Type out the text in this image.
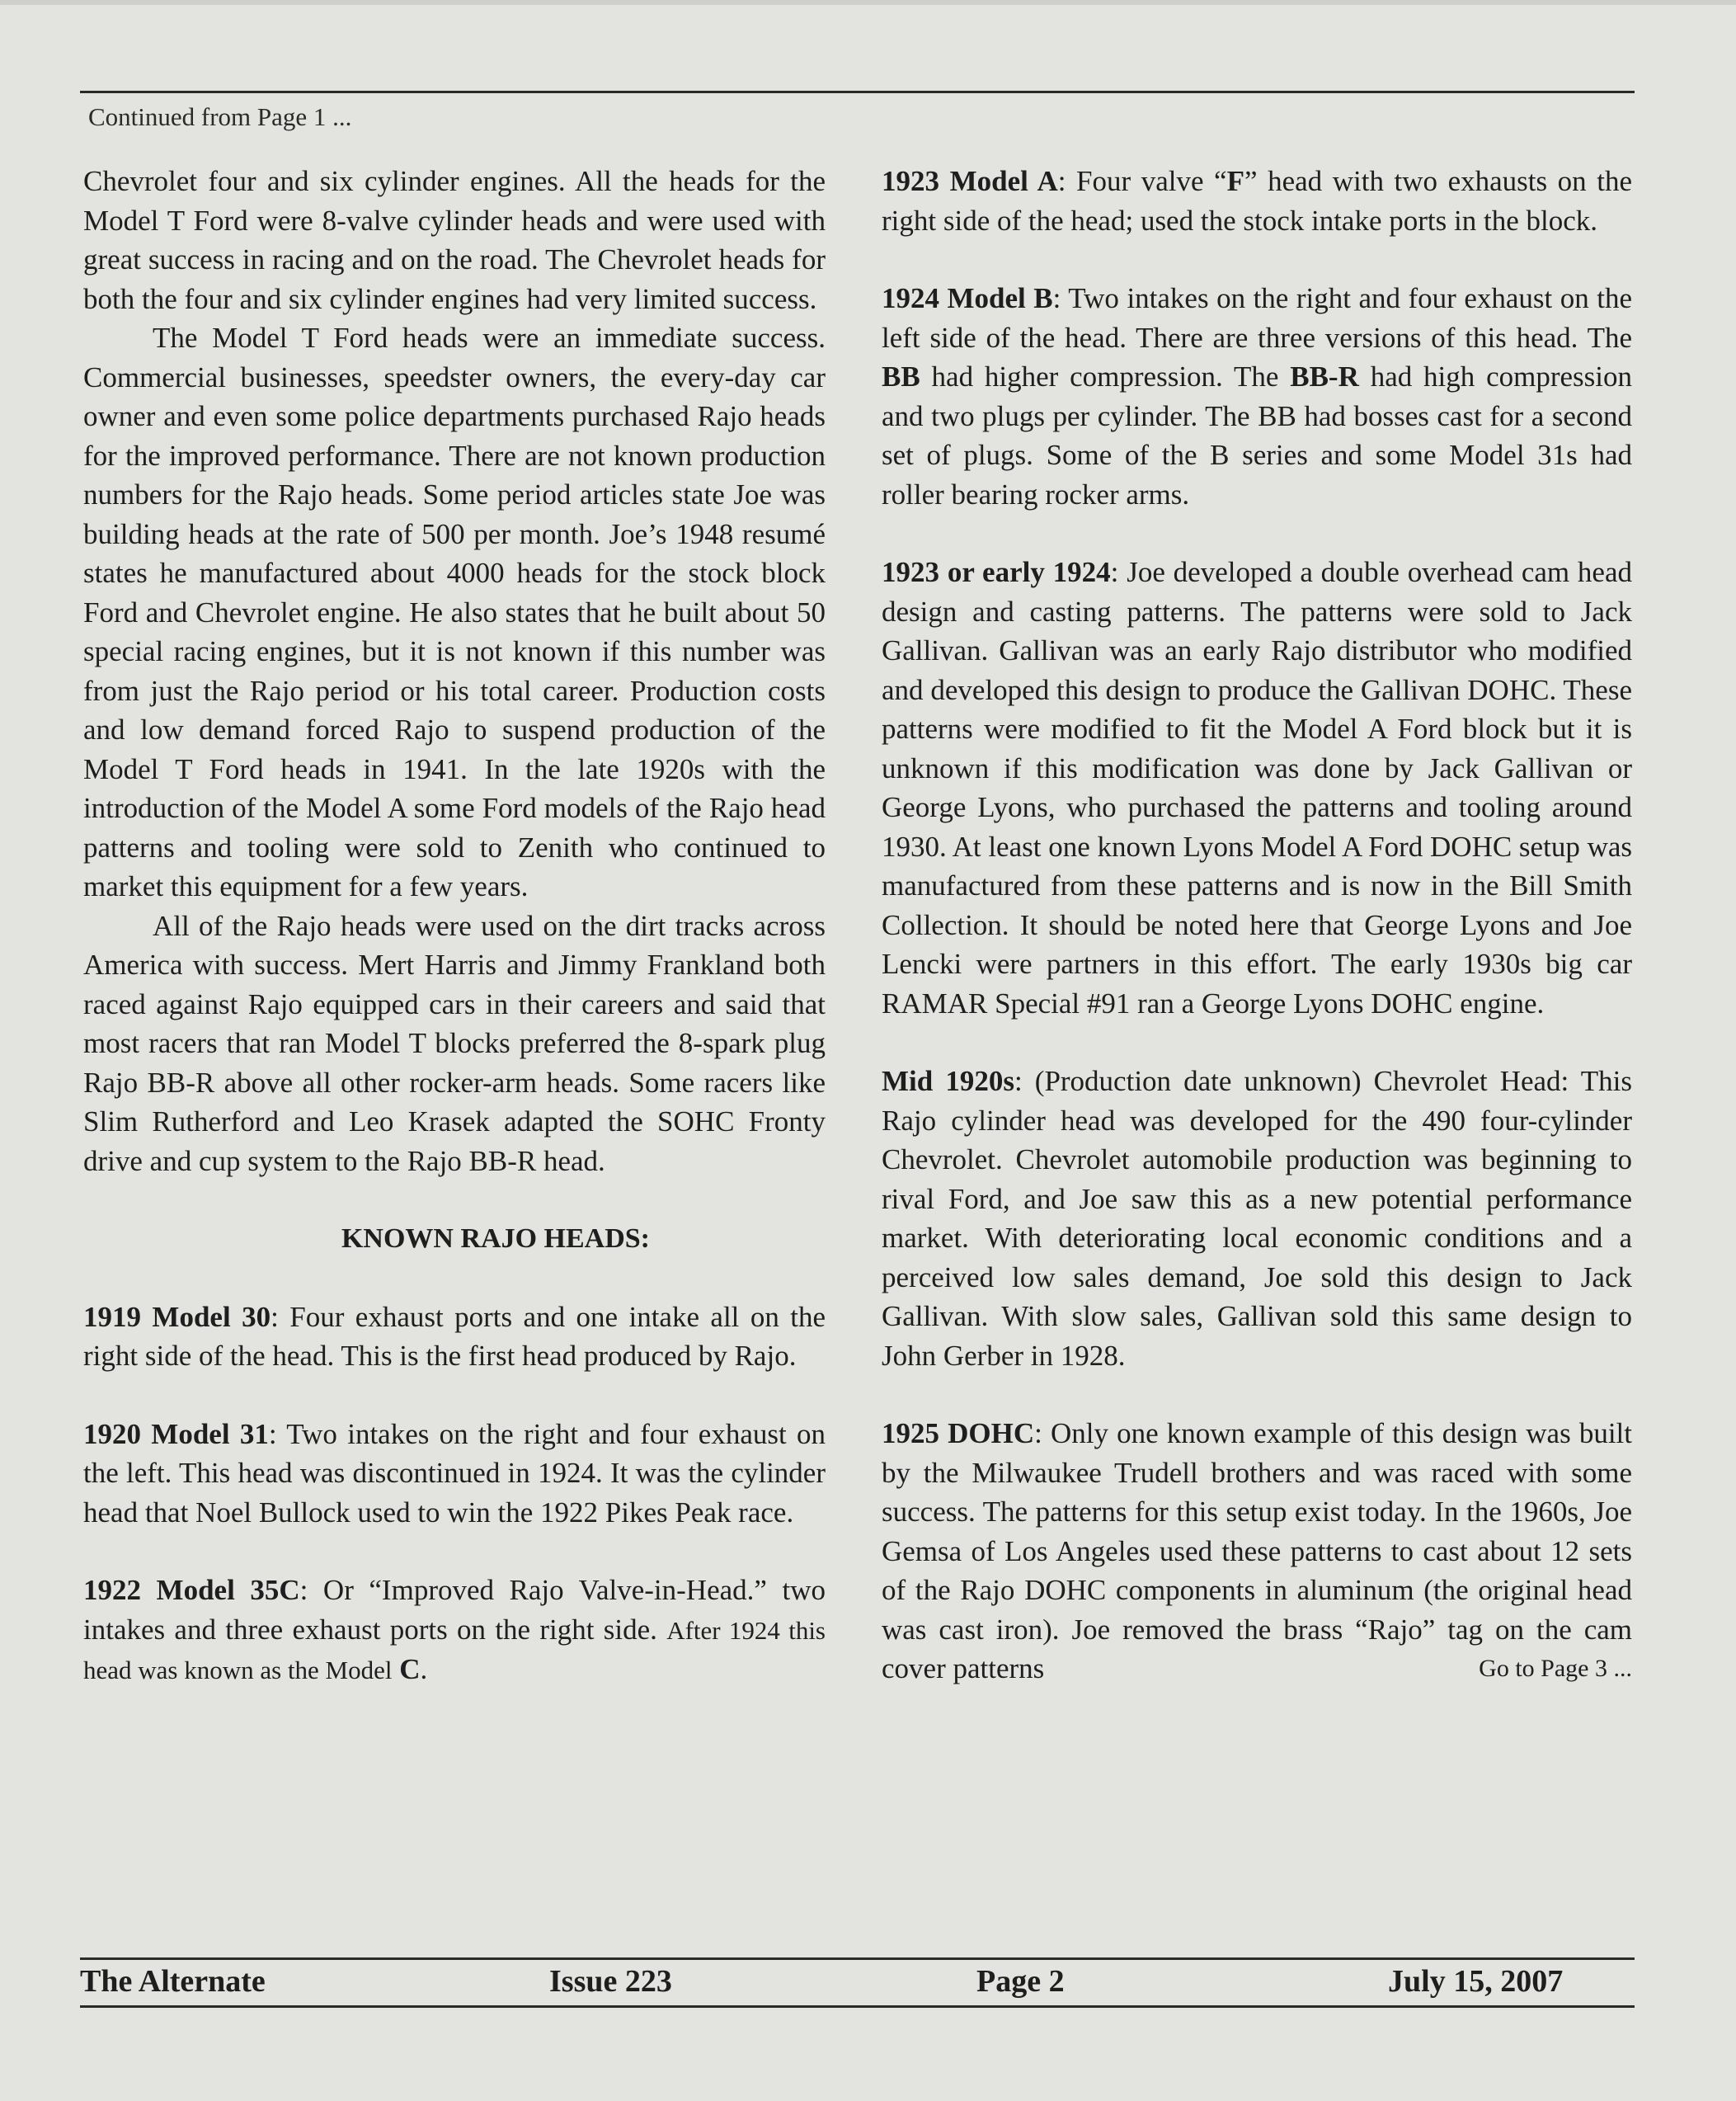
Continued from Page 1 ...

Chevrolet four and six cylinder engines. All the heads for the Model T Ford were 8-valve cylinder heads and were used with great success in racing and on the road. The Chevrolet heads for both the four and six cylinder engines had very limited success.

The Model T Ford heads were an immediate success. Commercial businesses, speedster owners, the every-day car owner and even some police departments purchased Rajo heads for the improved performance. There are not known production numbers for the Rajo heads. Some period articles state Joe was building heads at the rate of 500 per month. Joe’s 1948 resumé states he manufactured about 4000 heads for the stock block Ford and Chevrolet engine. He also states that he built about 50 special racing engines, but it is not known if this number was from just the Rajo period or his total career. Production costs and low demand forced Rajo to suspend production of the Model T Ford heads in 1941. In the late 1920s with the introduction of the Model A some Ford models of the Rajo head patterns and tooling were sold to Zenith who continued to market this equipment for a few years.

All of the Rajo heads were used on the dirt tracks across America with success. Mert Harris and Jimmy Frankland both raced against Rajo equipped cars in their careers and said that most racers that ran Model T blocks preferred the 8-spark plug Rajo BB-R above all other rocker-arm heads. Some racers like Slim Rutherford and Leo Krasek adapted the SOHC Fronty drive and cup system to the Rajo BB-R head.

KNOWN RAJO HEADS:

1919 Model 30: Four exhaust ports and one intake all on the right side of the head. This is the first head produced by Rajo.

1920 Model 31: Two intakes on the right and four exhaust on the left. This head was discontinued in 1924. It was the cylinder head that Noel Bullock used to win the 1922 Pikes Peak race.

1922 Model 35C: Or “Improved Rajo Valve-in-Head.” two intakes and three exhaust ports on the right side. After 1924 this head was known as the Model C.

1923 Model A: Four valve “F” head with two exhausts on the right side of the head; used the stock intake ports in the block.

1924 Model B: Two intakes on the right and four exhaust on the left side of the head. There are three versions of this head. The BB had higher compression. The BB-R had high compression and two plugs per cylinder. The BB had bosses cast for a second set of plugs. Some of the B series and some Model 31s had roller bearing rocker arms.

1923 or early 1924: Joe developed a double overhead cam head design and casting patterns. The patterns were sold to Jack Gallivan. Gallivan was an early Rajo distributor who modified and developed this design to produce the Gallivan DOHC. These patterns were modified to fit the Model A Ford block but it is unknown if this modification was done by Jack Gallivan or George Lyons, who purchased the patterns and tooling around 1930. At least one known Lyons Model A Ford DOHC setup was manufactured from these patterns and is now in the Bill Smith Collection. It should be noted here that George Lyons and Joe Lencki were partners in this effort. The early 1930s big car RAMAR Special #91 ran a George Lyons DOHC engine.

Mid 1920s: (Production date unknown) Chevrolet Head: This Rajo cylinder head was developed for the 490 four-cylinder Chevrolet. Chevrolet automobile production was beginning to rival Ford, and Joe saw this as a new potential performance market. With deteriorating local economic conditions and a perceived low sales demand, Joe sold this design to Jack Gallivan. With slow sales, Gallivan sold this same design to John Gerber in 1928.

1925 DOHC: Only one known example of this design was built by the Milwaukee Trudell brothers and was raced with some success. The patterns for this setup exist today. In the 1960s, Joe Gemsa of Los Angeles used these patterns to cast about 12 sets of the Rajo DOHC components in aluminum (the original head was cast iron). Joe removed the brass “Rajo” tag on the cam cover patterns	Go to Page 3 ...

The Alternate	Issue 223	Page 2	July 15, 2007
